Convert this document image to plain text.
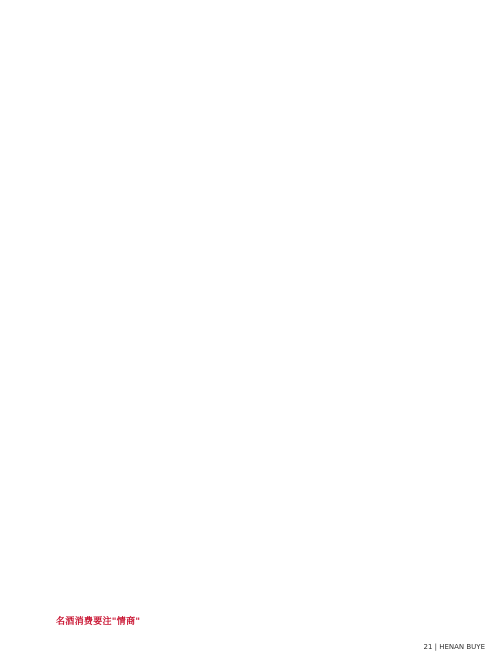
名酒消费要注"情商"
21 | HENAN BUYE
